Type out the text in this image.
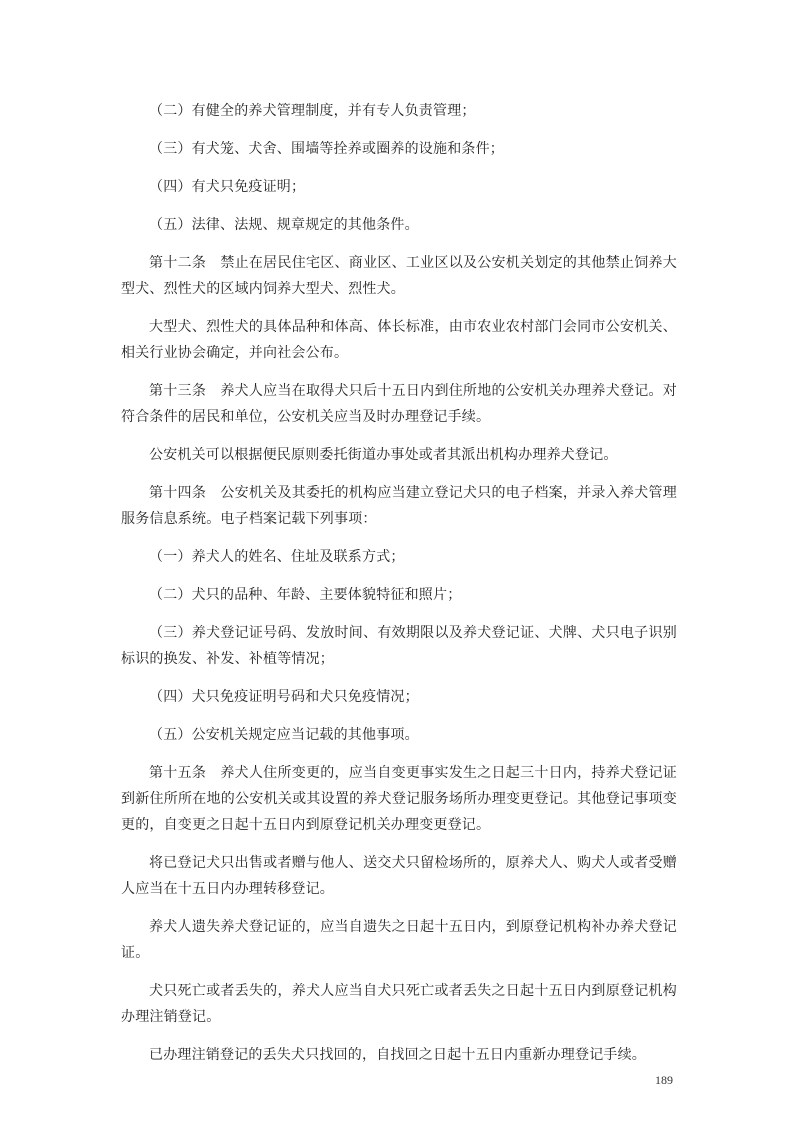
（二）有健全的养犬管理制度，并有专人负责管理；

（三）有犬笼、犬舍、围墙等拴养或圈养的设施和条件；

（四）有犬只免疫证明；

（五）法律、法规、规章规定的其他条件。

第十二条　禁止在居民住宅区、商业区、工业区以及公安机关划定的其他禁止饲养大型犬、烈性犬的区域内饲养大型犬、烈性犬。

大型犬、烈性犬的具体品种和体高、体长标准，由市农业农村部门会同市公安机关、相关行业协会确定，并向社会公布。

第十三条　养犬人应当在取得犬只后十五日内到住所地的公安机关办理养犬登记。对符合条件的居民和单位，公安机关应当及时办理登记手续。

公安机关可以根据便民原则委托街道办事处或者其派出机构办理养犬登记。

第十四条　公安机关及其委托的机构应当建立登记犬只的电子档案，并录入养犬管理服务信息系统。电子档案记载下列事项：

（一）养犬人的姓名、住址及联系方式；

（二）犬只的品种、年龄、主要体貌特征和照片；

（三）养犬登记证号码、发放时间、有效期限以及养犬登记证、犬牌、犬只电子识别标识的换发、补发、补植等情况；

（四）犬只免疫证明号码和犬只免疫情况；

（五）公安机关规定应当记载的其他事项。

第十五条　养犬人住所变更的，应当自变更事实发生之日起三十日内，持养犬登记证到新住所所在地的公安机关或其设置的养犬登记服务场所办理变更登记。其他登记事项变更的，自变更之日起十五日内到原登记机关办理变更登记。

将已登记犬只出售或者赠与他人、送交犬只留检场所的，原养犬人、购犬人或者受赠人应当在十五日内办理转移登记。

养犬人遗失养犬登记证的，应当自遗失之日起十五日内，到原登记机构补办养犬登记证。

犬只死亡或者丢失的，养犬人应当自犬只死亡或者丢失之日起十五日内到原登记机构办理注销登记。

已办理注销登记的丢失犬只找回的，自找回之日起十五日内重新办理登记手续。

189
